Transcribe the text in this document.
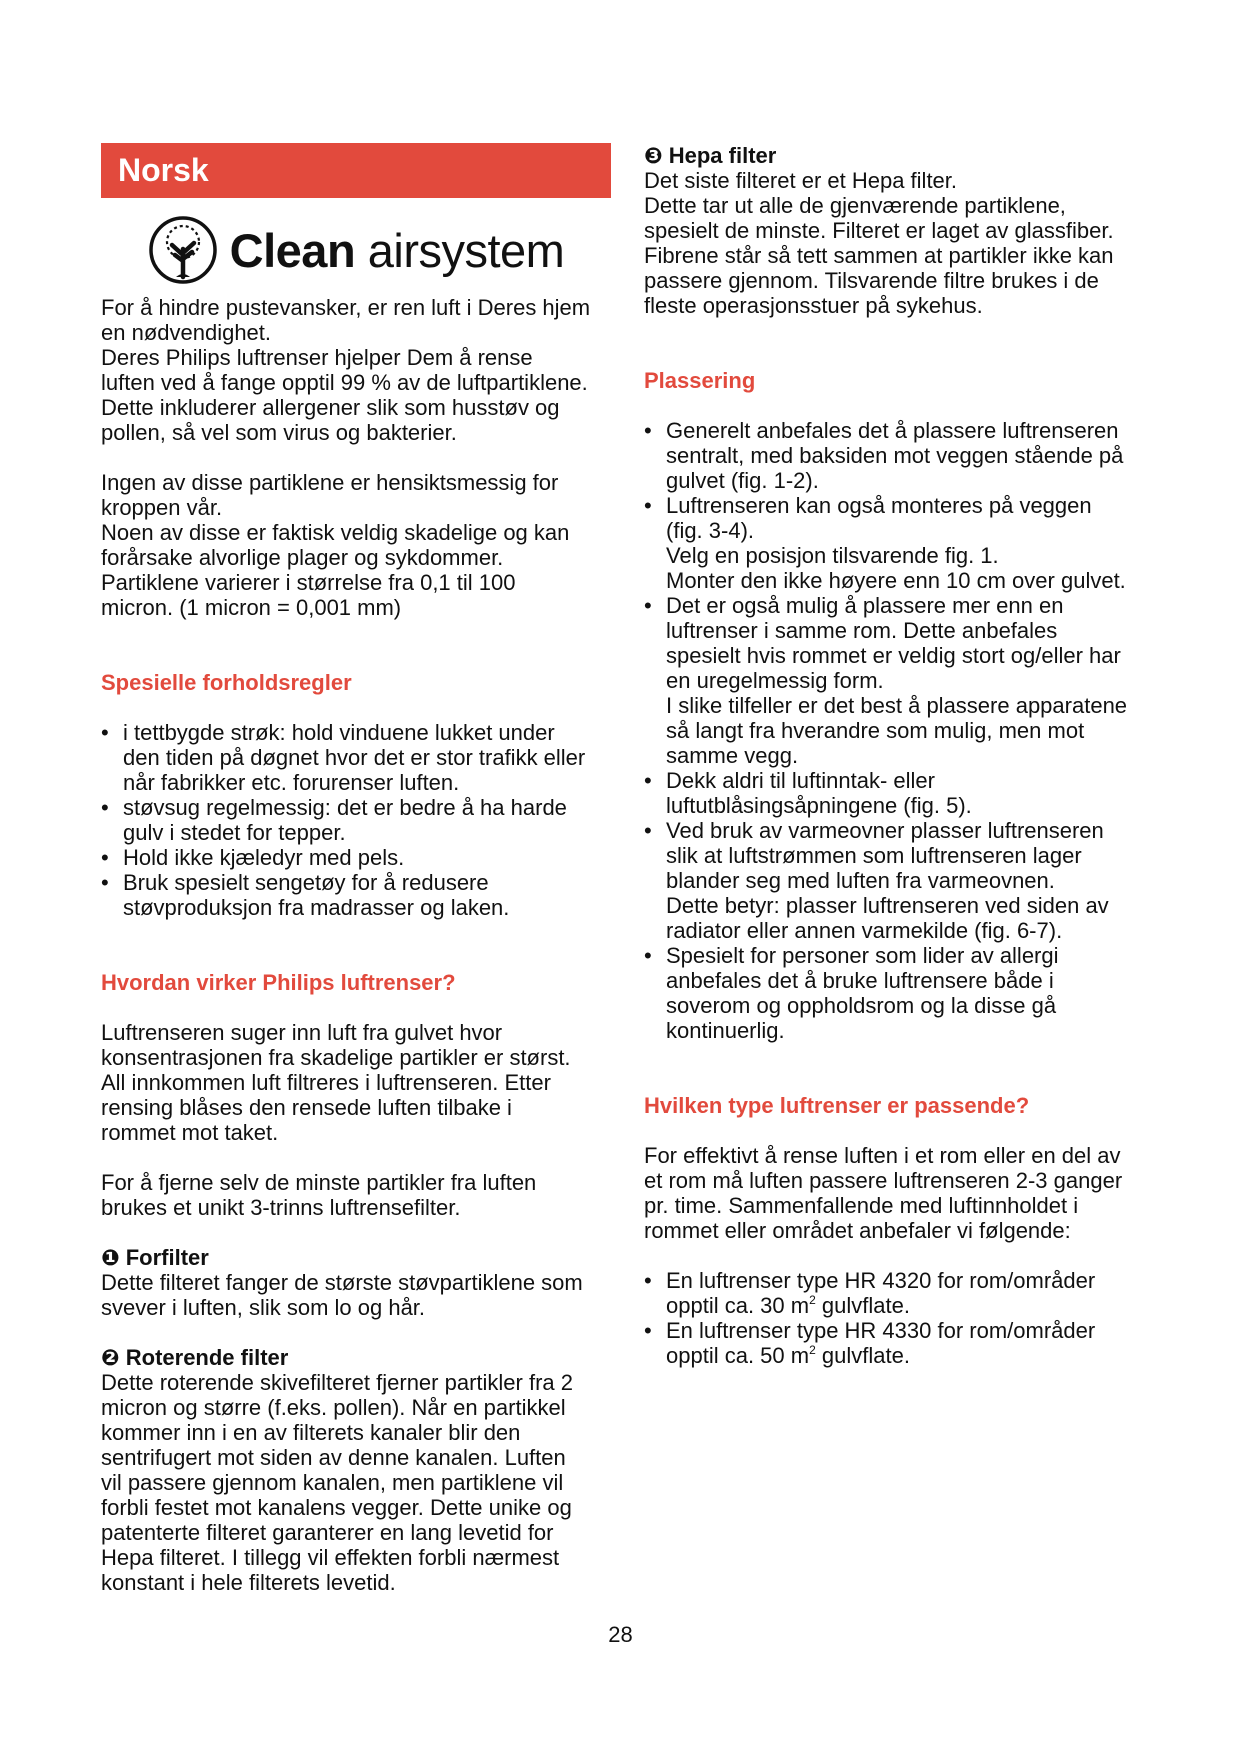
Norsk
Clean airsystem

For å hindre pustevansker, er ren luft i Deres hjem

en nødvendighet.

Deres Philips luftrenser hjelper Dem å rense

luften ved å fange opptil 99 % av de luftpartiklene.

Dette inkluderer allergener slik som husstøv og

pollen, så vel som virus og bakterier.

Ingen av disse partiklene er hensiktsmessig for

kroppen vår.

Noen av disse er faktisk veldig skadelige og kan

forårsake alvorlige plager og sykdommer.

Partiklene varierer i størrelse fra 0,1 til 100

micron. (1 micron = 0,001 mm)

Spesielle forholdsregler

• i tettbygde strøk: hold vinduene lukket under
den tiden på døgnet hvor det er stor trafikk eller
når fabrikker etc. forurenser luften.
• støvsug regelmessig: det er bedre å ha harde
gulv i stedet for tepper.
• Hold ikke kjæledyr med pels.
• Bruk spesielt sengetøy for å redusere
støvproduksjon fra madrasser og laken.

Hvordan virker Philips luftrenser?

Luftrenseren suger inn luft fra gulvet hvor

konsentrasjonen fra skadelige partikler er størst.

All innkommen luft filtreres i luftrenseren. Etter

rensing blåses den rensede luften tilbake i

rommet mot taket.

For å fjerne selv de minste partikler fra luften

brukes et unikt 3-trinns luftrensefilter.

❶ Forfilter

Dette filteret fanger de største støvpartiklene som

svever i luften, slik som lo og hår.

❷ Roterende filter

Dette roterende skivefilteret fjerner partikler fra 2

micron og større (f.eks. pollen). Når en partikkel

kommer inn i en av filterets kanaler blir den

sentrifugert mot siden av denne kanalen. Luften

vil passere gjennom kanalen, men partiklene vil

forbli festet mot kanalens vegger. Dette unike og

patenterte filteret garanterer en lang levetid for

Hepa filteret. I tillegg vil effekten forbli nærmest

konstant i hele filterets levetid.

❸ Hepa filter

Det siste filteret er et Hepa filter.

Dette tar ut alle de gjenværende partiklene,

spesielt de minste. Filteret er laget av glassfiber.

Fibrene står så tett sammen at partikler ikke kan

passere gjennom. Tilsvarende filtre brukes i de

fleste operasjonsstuer på sykehus.

Plassering

• Generelt anbefales det å plassere luftrenseren
sentralt, med baksiden mot veggen stående på
gulvet (fig. 1-2).
• Luftrenseren kan også monteres på veggen
(fig. 3-4).
Velg en posisjon tilsvarende fig. 1.
Monter den ikke høyere enn 10 cm over gulvet.
• Det er også mulig å plassere mer enn en
luftrenser i samme rom. Dette anbefales
spesielt hvis rommet er veldig stort og/eller har
en uregelmessig form.
I slike tilfeller er det best å plassere apparatene
så langt fra hverandre som mulig, men mot
samme vegg.
• Dekk aldri til luftinntak- eller
luftutblåsingsåpningene (fig. 5).
• Ved bruk av varmeovner plasser luftrenseren
slik at luftstrømmen som luftrenseren lager
blander seg med luften fra varmeovnen.
Dette betyr: plasser luftrenseren ved siden av
radiator eller annen varmekilde (fig. 6-7).
• Spesielt for personer som lider av allergi
anbefales det å bruke luftrensere både i
soverom og oppholdsrom og la disse gå
kontinuerlig.

Hvilken type luftrenser er passende?

For effektivt å rense luften i et rom eller en del av

et rom må luften passere luftrenseren 2-3 ganger

pr. time. Sammenfallende med luftinnholdet i

rommet eller området anbefaler vi følgende:

• En luftrenser type HR 4320 for rom/områder
opptil ca. 30 $m^2$ gulvflate.
• En luftrenser type HR 4330 for rom/områder
opptil ca. 50 $m^2$ gulvflate.
28
